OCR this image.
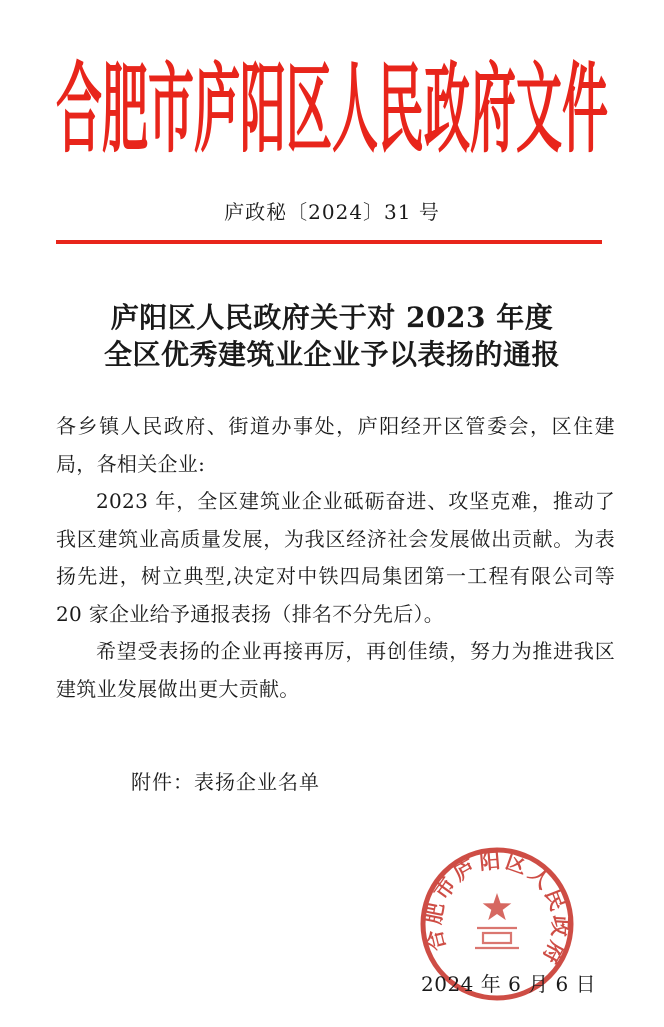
合肥市庐阳区人民政府文件
庐政秘〔2024〕31 号
庐阳区人民政府关于对 2023 年度
全区优秀建筑业企业予以表扬的通报

各乡镇人民政府、街道办事处，庐阳经开区管委会，区住建局，各相关企业:

2023 年，全区建筑业企业砥砺奋进、攻坚克难，推动了我区建筑业高质量发展，为我区经济社会发展做出贡献。为表扬先进，树立典型,决定对中铁四局集团第一工程有限公司等 20 家企业给予通报表扬（排名不分先后）。

希望受表扬的企业再接再厉，再创佳绩，努力为推进我区建筑业发展做出更大贡献。

附件：表扬企业名单
合肥市庐阳区人民政府
2024 年 6 月 6 日
